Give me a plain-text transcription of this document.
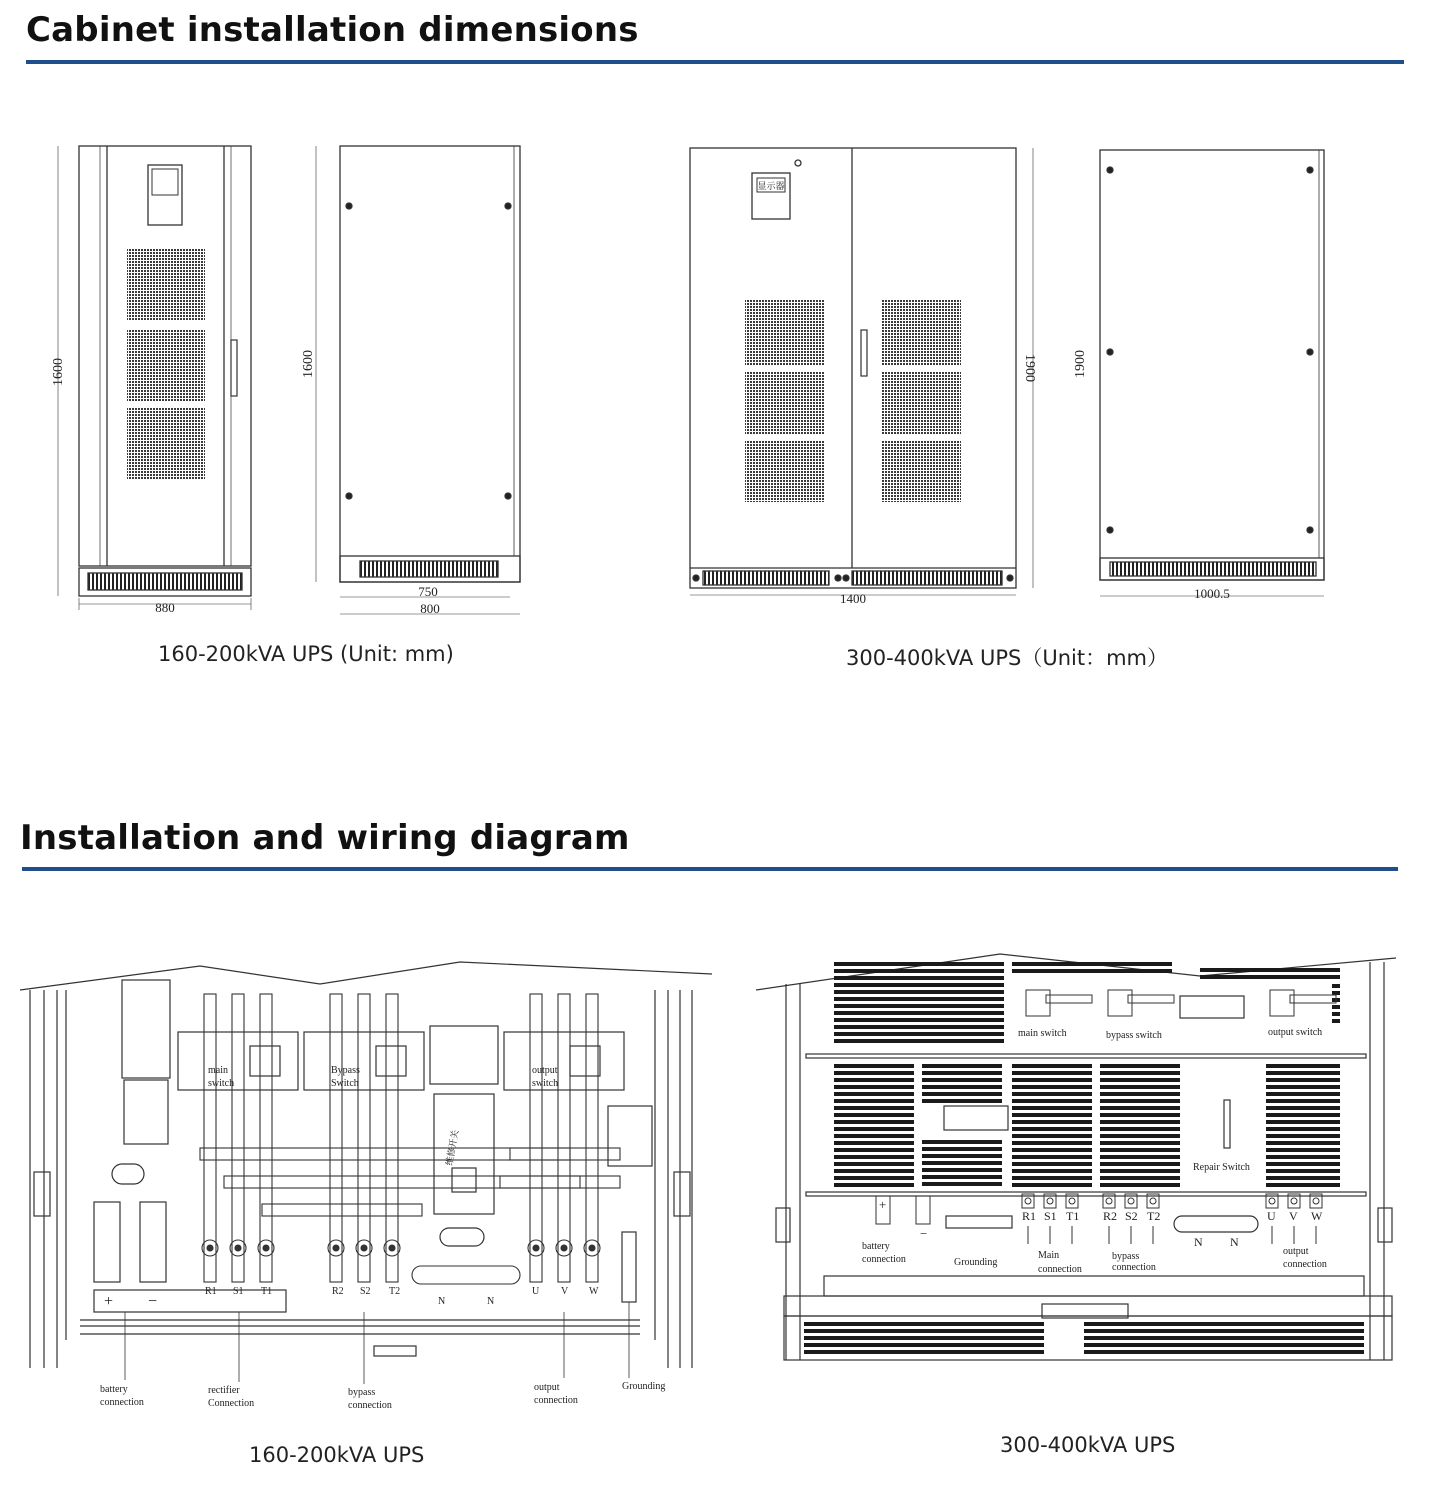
Cabinet installation dimensions
1600
880
1600
750
800
显示器
1900
1400
1900
1000.5
160-200kVA UPS (Unit: mm)	300-400kVA UPS（Unit：mm）
Installation and wiring diagram
main
switch
Bypass
Switch
output
switch
维修开关
+ −
R1 S1 T1	R2 S2 T2
N	N
U V W
battery
connection
rectifier
Connection
bypass
connection
output
connection
Grounding
main switch	bypass switch	output switch
Repair Switch
+
−
battery
connection	Grounding
R1 S1 T1
Main
connection
R2 S2 T2
bypass
connection
N N
U V W
output
connection
160-200kVA UPS	300-400kVA UPS
